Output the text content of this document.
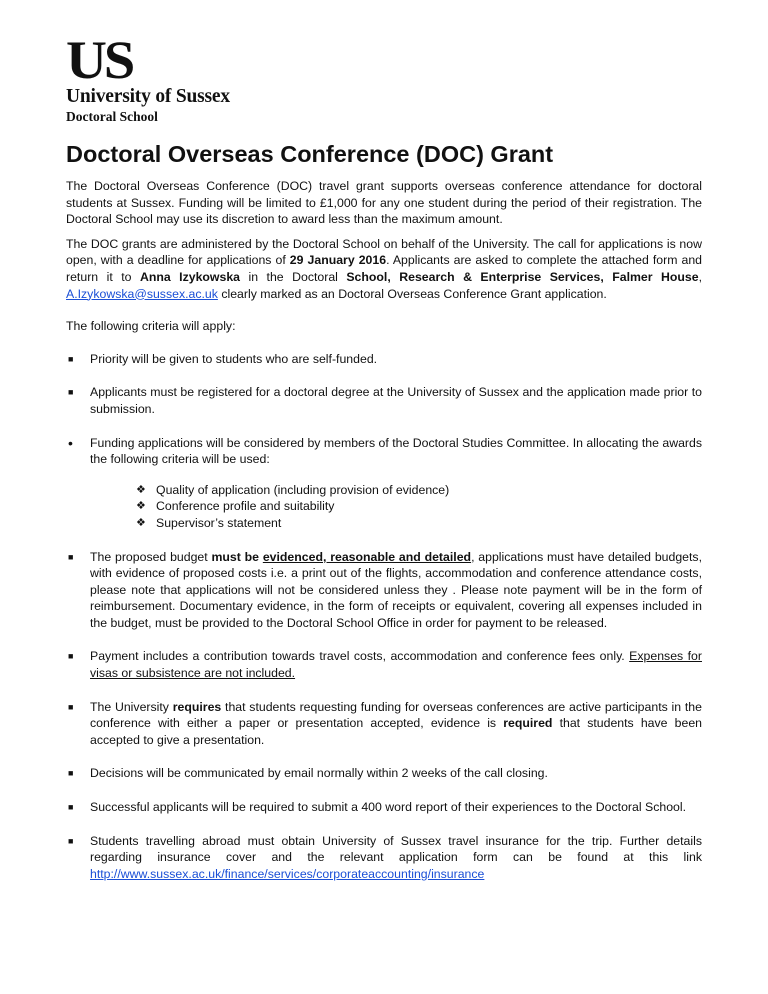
US
University of Sussex
Doctoral School
Doctoral Overseas Conference (DOC) Grant

The Doctoral Overseas Conference (DOC) travel grant supports overseas conference attendance for doctoral students at Sussex. Funding will be limited to £1,000 for any one student during the period of their registration. The Doctoral School may use its discretion to award less than the maximum amount.

The DOC grants are administered by the Doctoral School on behalf of the University. The call for applications is now open, with a deadline for applications of 29 January 2016. Applicants are asked to complete the attached form and return it to Anna Izykowska in the Doctoral School, Research & Enterprise Services, Falmer House, A.Izykowska@sussex.ac.uk clearly marked as an Doctoral Overseas Conference Grant application.

The following criteria will apply:

■	Priority will be given to students who are self-funded.
■	Applicants must be registered for a doctoral degree at the University of Sussex and the application made prior to submission.
•	Funding applications will be considered by members of the Doctoral Studies Committee. In allocating the awards the following criteria will be used:
❖ Quality of application (including provision of evidence)
❖ Conference profile and suitability
❖ Supervisor’s statement
■	The proposed budget must be evidenced, reasonable and detailed, applications must have detailed budgets, with evidence of proposed costs i.e. a print out of the flights, accommodation and conference attendance costs, please note that applications will not be considered unless they . Please note payment will be in the form of reimbursement. Documentary evidence, in the form of receipts or equivalent, covering all expenses included in the budget, must be provided to the Doctoral School Office in order for payment to be released.
■	Payment includes a contribution towards travel costs, accommodation and conference fees only. Expenses for visas or subsistence are not included.
■	The University requires that students requesting funding for overseas conferences are active participants in the conference with either a paper or presentation accepted, evidence is required that students have been accepted to give a presentation.
■	Decisions will be communicated by email normally within 2 weeks of the call closing.
■	Successful applicants will be required to submit a 400 word report of their experiences to the Doctoral School.
■	Students travelling abroad must obtain University of Sussex travel insurance for the trip. Further details regarding insurance cover and the relevant application form can be found at this link http://www.sussex.ac.uk/finance/services/corporateaccounting/insurance
